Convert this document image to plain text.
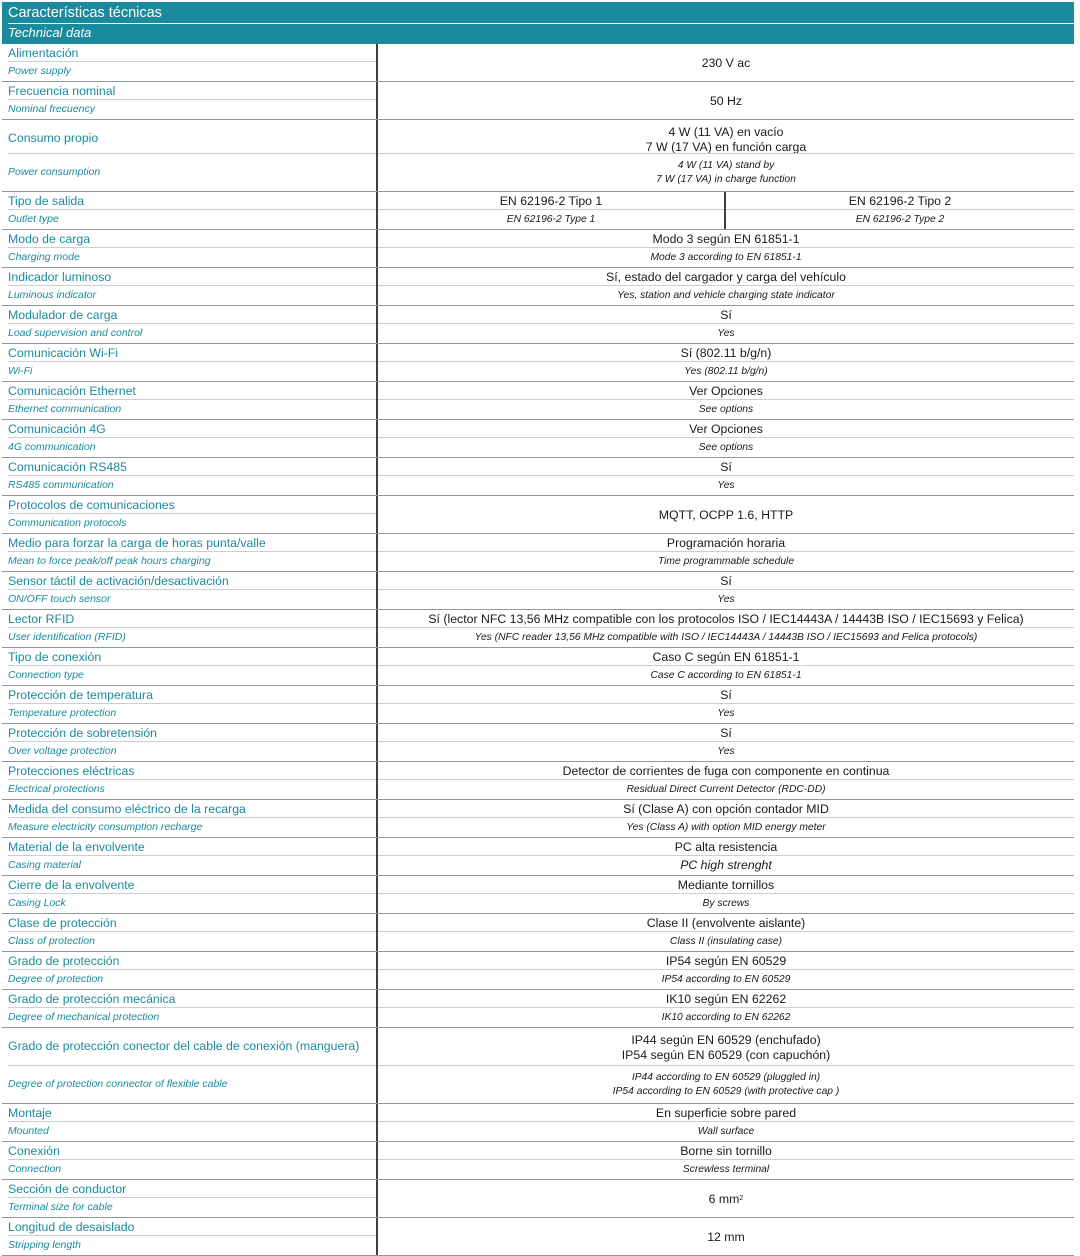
Características técnicas
Technical data
Alimentación
Power supply
230 V ac
Frecuencia nominal
Nominal frecuency
50 Hz
Consumo propio
Power consumption
4 W (11 VA) en vacío
7 W (17 VA) en función carga
4 W (11 VA) stand by
7 W (17 VA) in charge function
Tipo de salida
Outlet type
EN 62196-2 Tipo 1
EN 62196-2 Type 1
EN 62196-2 Tipo 2
EN 62196-2 Type 2
Modo de carga
Charging mode
Modo 3 según EN 61851-1
Mode 3 according to EN 61851-1
Indicador luminoso
Luminous indicator
Sí, estado del cargador y carga del vehículo
Yes, station and vehicle charging state indicator
Modulador de carga
Load supervision and control
Sí
Yes
Comunicación Wi-Fi
Wi-Fi
Sí (802.11 b/g/n)
Yes (802.11 b/g/n)
Comunicación Ethernet
Ethernet communication
Ver Opciones
See options
Comunicación 4G
4G communication
Ver Opciones
See options
Comunicación RS485
RS485 communication
Sí
Yes
Protocolos de comunicaciones
Communication protocols
MQTT, OCPP 1.6, HTTP
Medio para forzar la carga de horas punta/valle
Mean to force peak/off peak hours charging
Programación horaria
Time programmable schedule
Sensor táctil de activación/desactivación
ON/OFF touch sensor
Sí
Yes
Lector RFID
User identification (RFID)
Sí (lector NFC 13,56 MHz compatible con los protocolos ISO / IEC14443A / 14443B ISO / IEC15693 y Felica)
Yes (NFC reader 13,56 MHz compatible with ISO / IEC14443A / 14443B ISO / IEC15693 and Felica protocols)
Tipo de conexión
Connection type
Caso C según EN 61851-1
Case C according to EN 61851-1
Protección de temperatura
Temperature protection
Sí
Yes
Protección de sobretensión
Over voltage protection
Sí
Yes
Protecciones eléctricas
Electrical protections
Detector de corrientes de fuga con componente en continua
Residual Direct Current Detector (RDC-DD)
Medida del consumo eléctrico de la recarga
Measure electricity consumption recharge
Sí (Clase A) con opción contador MID
Yes (Class A) with option MID energy meter
Material de la envolvente
Casing material
PC alta resistencia
PC high strenght
Cierre de la envolvente
Casing Lock
Mediante tornillos
By screws
Clase de protección
Class of protection
Clase II (envolvente aislante)
Class II (insulating case)
Grado de protección
Degree of protection
IP54 según EN 60529
IP54 according to EN 60529
Grado de protección mecánica
Degree of mechanical protection
IK10 según EN 62262
IK10 according to EN 62262
Grado de protección conector del cable de conexión (manguera)
Degree of protection connector of flexible cable
IP44 según EN 60529 (enchufado)
IP54 según EN 60529 (con capuchón)
IP44 according to EN 60529 (pluggled in)
IP54 according to EN 60529 (with protective cap )
Montaje
Mounted
En superficie sobre pared
Wall surface
Conexión
Connection
Borne sin tornillo
Screwless terminal
Sección de conductor
Terminal size for cable
6 mm 2
Longitud de desaislado
Stripping length
12 mm
